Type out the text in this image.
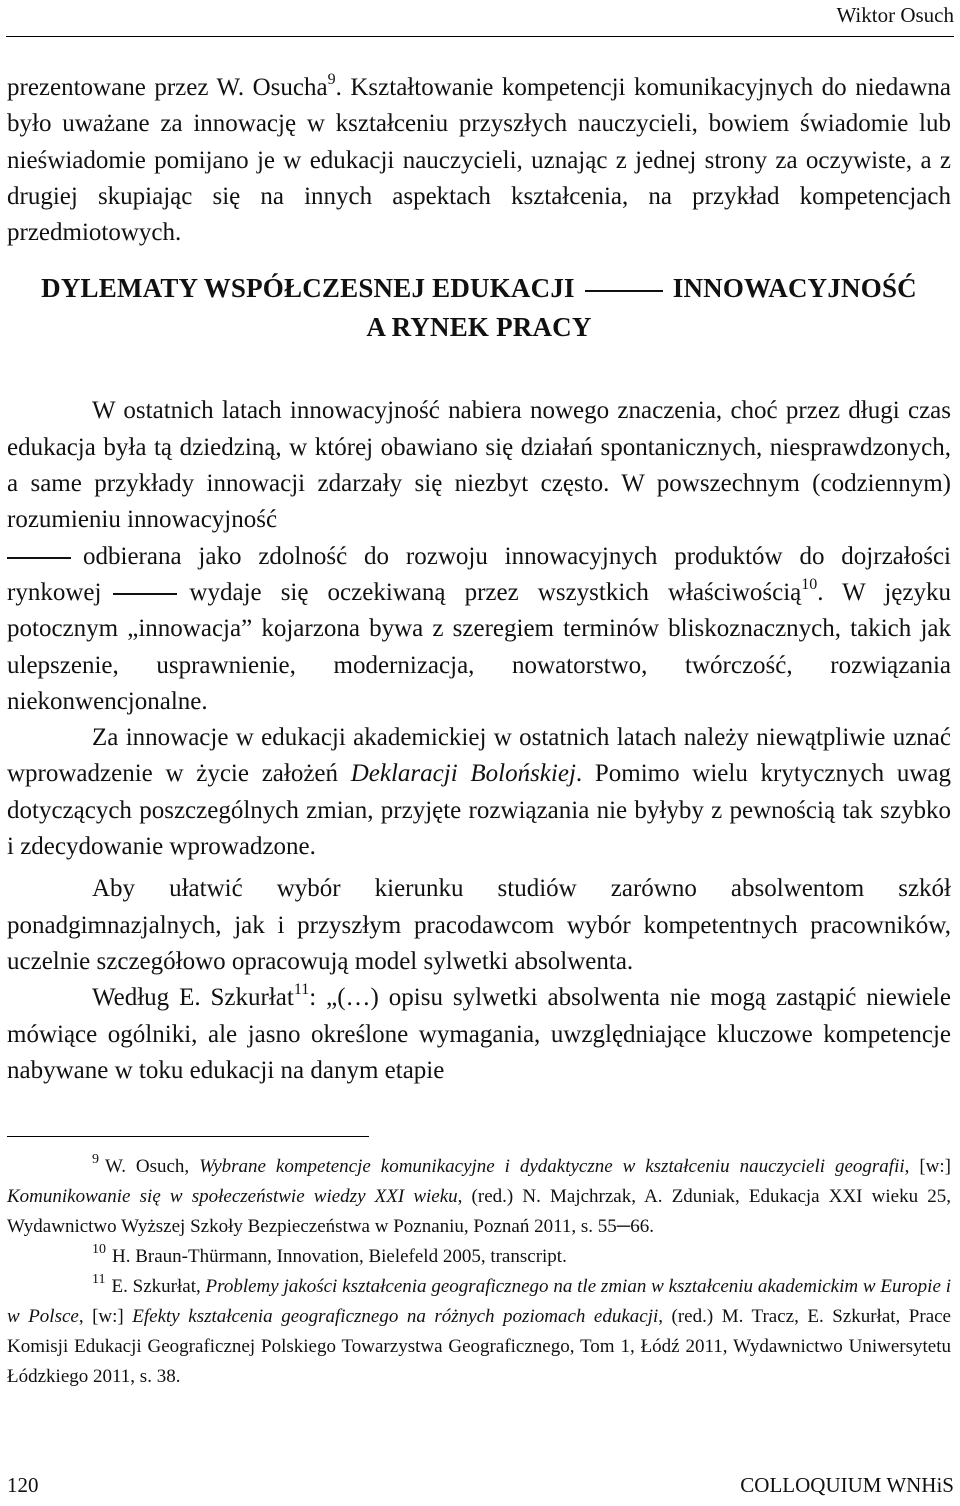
Wiktor Osuch

prezentowane przez W. Osucha$^9$. Kształtowanie kompetencji komunikacyjnych do niedawna było uważane za innowację w kształceniu przyszłych nauczycieli, bowiem świadomie lub nieświadomie pomijano je w edukacji nauczycieli, uznając z jednej strony za oczywiste, a z drugiej skupiając się na innych aspektach kształcenia, na przykład kompetencjach przedmiotowych.

DYLEMATY WSPÓŁCZESNEJ EDUKACJI	INNOWACYJNOŚĆ
A RYNEK PRACY

W ostatnich latach innowacyjność nabiera nowego znaczenia, choć przez długi czas edukacja była tą dziedziną, w której obawiano się działań spontanicznych, niesprawdzonych, a same przykłady innowacji zdarzały się niezbyt często. W powszechnym (codziennym) rozumieniu innowacyjność
odbierana jako zdolność do rozwoju innowacyjnych produktów do dojrzałości rynkowej	wydaje się oczekiwaną przez wszystkich właściwością$^{10}$. W języku potocznym „innowacja” kojarzona bywa z szeregiem terminów bliskoznacznych, takich jak ulepszenie, usprawnienie, modernizacja, nowatorstwo, twórczość, rozwiązania niekonwencjonalne.

Za innowacje w edukacji akademickiej w ostatnich latach należy niewątpliwie uznać wprowadzenie w życie założeń Deklaracji Bolońskiej. Pomimo wielu krytycznych uwag dotyczących poszczególnych zmian, przyjęte rozwiązania nie byłyby z pewnością tak szybko i zdecydowanie wprowadzone.

Aby ułatwić wybór kierunku studiów zarówno absolwentom szkół ponadgimnazjalnych, jak i przyszłym pracodawcom wybór kompetentnych pracowników, uczelnie szczegółowo opracowują model sylwetki absolwenta.

Według E. Szkurłat$^{11}$: „(…) opisu sylwetki absolwenta nie mogą zastąpić niewiele mówiące ogólniki, ale jasno określone wymagania, uwzględniające kluczowe kompetencje nabywane w toku edukacji na danym etapie

$^9$ W. Osuch, Wybrane kompetencje komunikacyjne i dydaktyczne w kształceniu nauczycieli geografii, [w:] Komunikowanie się w społeczeństwie wiedzy XXI wieku, (red.) N. Majchrzak, A. Zduniak, Edukacja XXI wieku 25, Wydawnictwo Wyższej Szkoły Bezpieczeństwa w Poznaniu, Poznań 2011, s. 55─66.

$^{10}$ H. Braun-Thürmann, Innovation, Bielefeld 2005, transcript.

$^{11}$ E. Szkurłat, Problemy jakości kształcenia geograficznego na tle zmian w kształceniu akademickim w Europie i w Polsce, [w:] Efekty kształcenia geograficznego na różnych poziomach edukacji, (red.) M. Tracz, E. Szkurłat, Prace Komisji Edukacji Geograficznej Polskiego Towarzystwa Geograficznego, Tom 1, Łódź 2011, Wydawnictwo Uniwersytetu Łódzkiego 2011, s. 38.

120	COLLOQUIUM WNHiS
